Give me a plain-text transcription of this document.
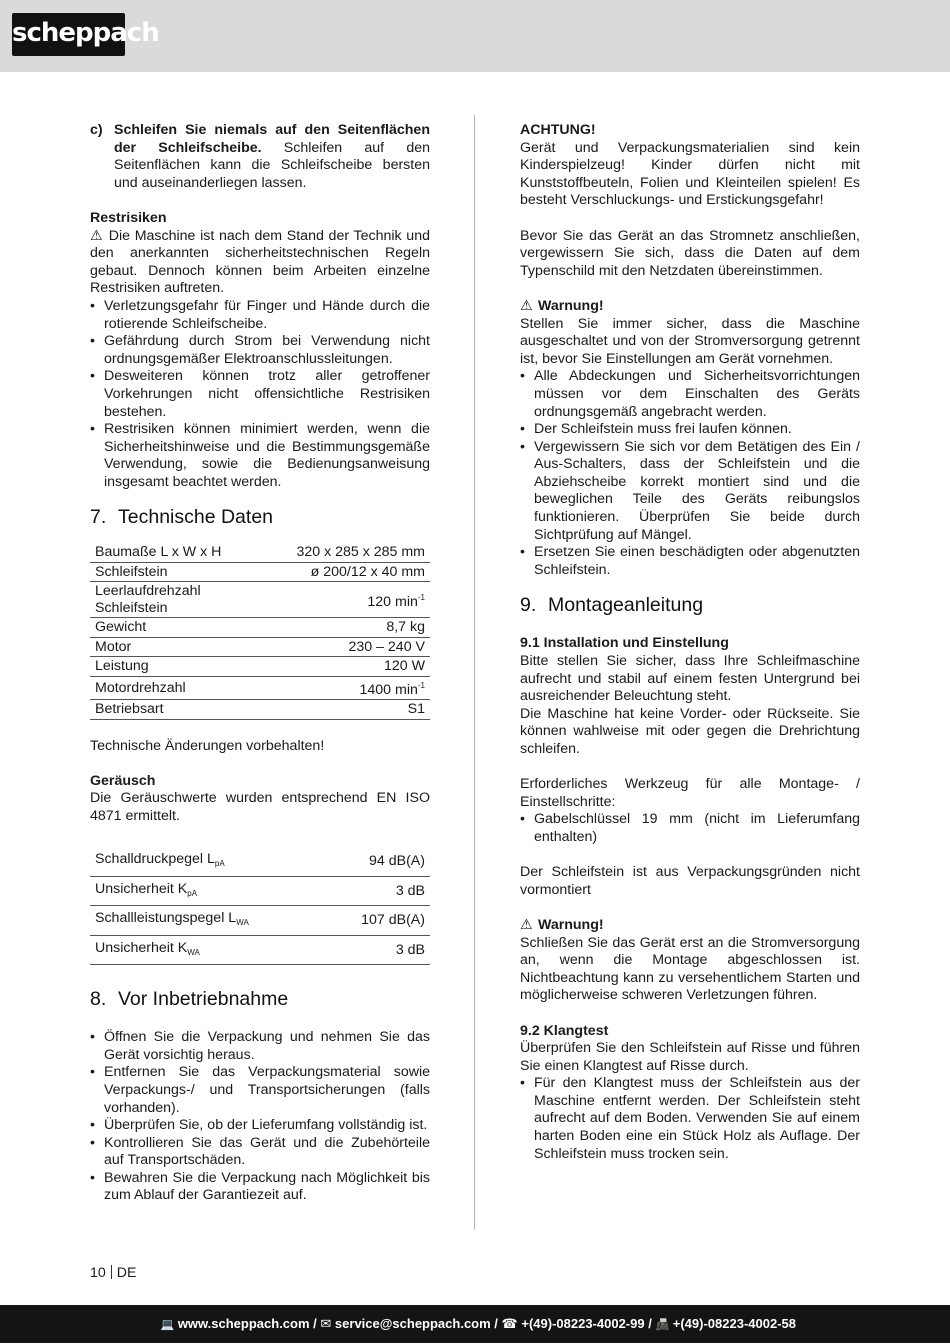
scheppach
c) Schleifen Sie niemals auf den Seitenflächen der Schleifscheibe. Schleifen auf den Seitenflächen kann die Schleifscheibe bersten und auseinanderliegen lassen.

Restrisiken

⚠ Die Maschine ist nach dem Stand der Technik und den anerkannten sicherheitstechnischen Regeln gebaut. Dennoch können beim Arbeiten einzelne Restrisiken auftreten.

• Verletzungsgefahr für Finger und Hände durch die rotierende Schleifscheibe.
• Gefährdung durch Strom bei Verwendung nicht ordnungsgemäßer Elektroanschlussleitungen.
• Desweiteren können trotz aller getroffener Vorkehrungen nicht offensichtliche Restrisiken bestehen.
• Restrisiken können minimiert werden, wenn die Sicherheitshinweise und die Bestimmungsgemäße Verwendung, sowie die Bedienungsanweisung insgesamt beachtet werden.
7. Technische Daten
Baumaße L x W x H	320 x 285 x 285 mm
Schleifstein	ø 200/12 x 40 mm
Leerlaufdrehzahl Schleifstein	120 $\min^{-1}$
Gewicht	8,7 kg
Motor	230 – 240 V
Leistung	120 W
Motordrehzahl	1400 $\min^{-1}$
Betriebsart	S1

Technische Änderungen vorbehalten!

Geräusch

Die Geräuschwerte wurden entsprechend EN ISO 4871 ermittelt.

Schalldruckpegel $L_{pA}$	94 dB(A)
Unsicherheit $K_{pA}$	3 dB
Schallleistungspegel $L_{WA}$	107 dB(A)
Unsicherheit $K_{WA}$	3 dB
8. Vor Inbetriebnahme
• Öffnen Sie die Verpackung und nehmen Sie das Gerät vorsichtig heraus.
• Entfernen Sie das Verpackungsmaterial sowie Verpackungs-/ und Transportsicherungen (falls vorhanden).
• Überprüfen Sie, ob der Lieferumfang vollständig ist.
• Kontrollieren Sie das Gerät und die Zubehörteile auf Transportschäden.
• Bewahren Sie die Verpackung nach Möglichkeit bis zum Ablauf der Garantiezeit auf.

ACHTUNG!

Gerät und Verpackungsmaterialien sind kein Kinderspielzeug! Kinder dürfen nicht mit Kunststoffbeuteln, Folien und Kleinteilen spielen! Es besteht Verschluckungs- und Erstickungsgefahr!

Bevor Sie das Gerät an das Stromnetz anschließen, vergewissern Sie sich, dass die Daten auf dem Typenschild mit den Netzdaten übereinstimmen.

⚠ Warnung!

Stellen Sie immer sicher, dass die Maschine ausgeschaltet und von der Stromversorgung getrennt ist, bevor Sie Einstellungen am Gerät vornehmen.

• Alle Abdeckungen und Sicherheitsvorrichtungen müssen vor dem Einschalten des Geräts ordnungsgemäß angebracht werden.
• Der Schleifstein muss frei laufen können.
• Vergewissern Sie sich vor dem Betätigen des Ein / Aus-Schalters, dass der Schleifstein und die Abziehscheibe korrekt montiert sind und die beweglichen Teile des Geräts reibungslos funktionieren. Überprüfen Sie beide durch Sichtprüfung auf Mängel.
• Ersetzen Sie einen beschädigten oder abgenutzten Schleifstein.
9. Montageanleitung

9.1 Installation und Einstellung

Bitte stellen Sie sicher, dass Ihre Schleifmaschine aufrecht und stabil auf einem festen Untergrund bei ausreichender Beleuchtung steht.

Die Maschine hat keine Vorder- oder Rückseite. Sie können wahlweise mit oder gegen die Drehrichtung schleifen.

Erforderliches Werkzeug für alle Montage- / Einstellschritte:

• Gabelschlüssel 19 mm (nicht im Lieferumfang enthalten)

Der Schleifstein ist aus Verpackungsgründen nicht vormontiert

⚠ Warnung!

Schließen Sie das Gerät erst an die Stromversorgung an, wenn die Montage abgeschlossen ist. Nichtbeachtung kann zu versehentlichem Starten und möglicherweise schweren Verletzungen führen.

9.2 Klangtest

Überprüfen Sie den Schleifstein auf Risse und führen Sie einen Klangtest auf Risse durch.

• Für den Klangtest muss der Schleifstein aus der Maschine entfernt werden. Der Schleifstein steht aufrecht auf dem Boden. Verwenden Sie auf einem harten Boden eine ein Stück Holz als Auflage. Der Schleifstein muss trocken sein.
10 DE
💻 www.scheppach.com / ✉ service@scheppach.com / ☎ +(49)-08223-4002-99 / 📠 +(49)-08223-4002-58
